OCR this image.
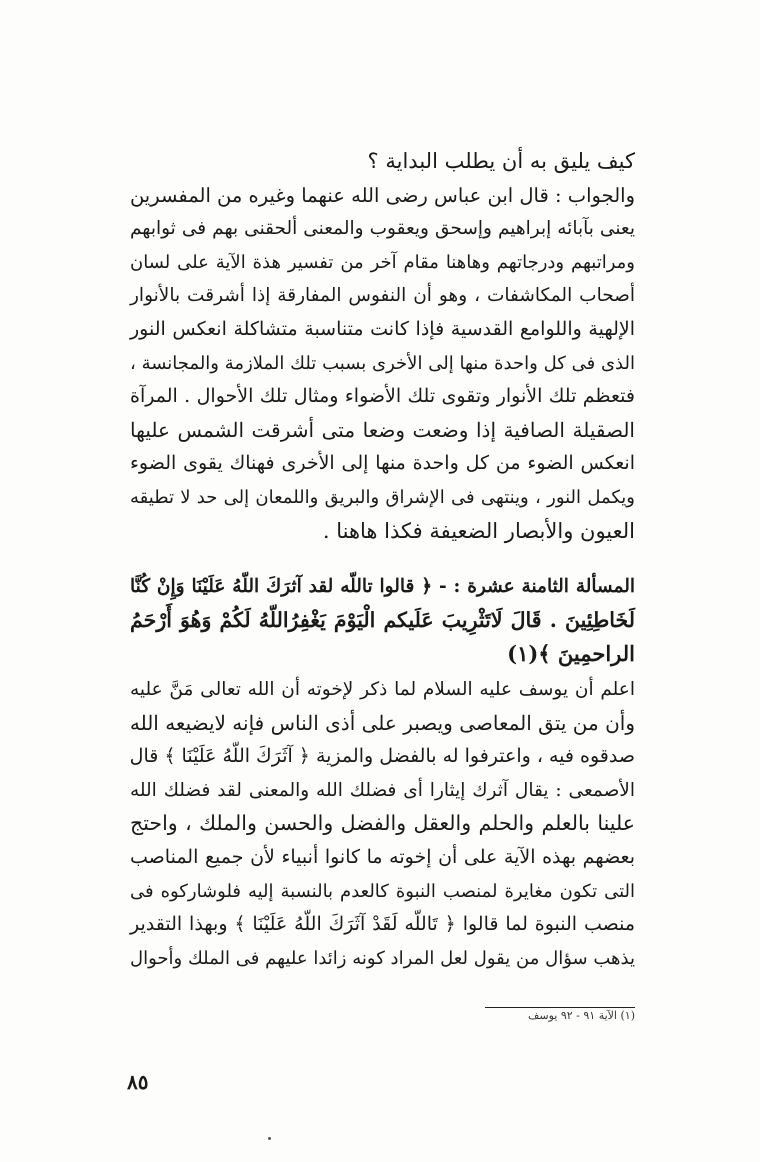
كيف يليق به أن يطلب البداية ؟
والجواب : قال ابن عباس رضى الله عنهما وغيره من المفسرين
يعنى بآبائه إبراهيم وإسحق ويعقوب والمعنى ألحقنى بهم فى ثوابهم
ومراتبهم ودرجاتهم وهاهنا مقام آخر من تفسير هذة الآية على لسان
أصحاب المكاشفات ، وهو أن النفوس المفارقة إذا أشرقت بالأنوار
الإلهية واللوامع القدسية فإذا كانت متناسبة متشاكلة انعكس النور
الذى فى كل واحدة منها إلى الأخرى بسبب تلك الملازمة والمجانسة ،
فتعظم تلك الأنوار وتقوى تلك الأضواء ومثال تلك الأحوال . المرآة
الصقيلة الصافية إذا وضعت وضعا متى أشرقت الشمس عليها
انعكس الضوء من كل واحدة منها إلى الأخرى فهناك يقوى الضوء
ويكمل النور ، وينتهى فى الإشراق والبريق واللمعان إلى حد لا تطيقه
العيون والأبصار الضعيفة فكذا هاهنا .
المسألة الثامنة عشرة : - ﴿ قالوا تاللّه لقد آثرَكَ اللّهُ عَلَيْنَا وَإِنْ كُنَّا
لَخَاطِئِينَ . قَالَ لَاتَثْرِيبَ عَلَيكم الْيَوْمَ يَغْفِرُاللّهُ لَكُمْ وَهُوَ أَرْحَمُ
الراحمِينَ ﴾(١)
اعلم أن يوسف عليه السلام لما ذكر لإخوته أن الله تعالى مَنَّ عليه
وأن من يتق المعاصى ويصبر على أذى الناس فإنه لايضيعه الله
صدقوه فيه ، واعترفوا له بالفضل والمزية ﴿ آثَرَكَ اللّهُ عَلَيْنَا ﴾ قال
الأصمعى : يقال آثرك إيثارا أى فضلك الله والمعنى لقد فضلك الله
علينا بالعلم والحلم والعقل والفضل والحسن والملك ، واحتج
بعضهم بهذه الآية على أن إخوته ما كانوا أنبياء لأن جميع المناصب
التى تكون مغايرة لمنصب النبوة كالعدم بالنسبة إليه فلوشاركوه فى
منصب النبوة لما قالوا ﴿ تَاللّه لَقَدْ آثَرَكَ اللّهُ عَلَيْنَا ﴾ وبهذا التقدير
يذهب سؤال من يقول لعل المراد كونه زائدا عليهم فى الملك وأحوال
(١) الآية ٩١ - ٩٢ يوسف
٨٥
